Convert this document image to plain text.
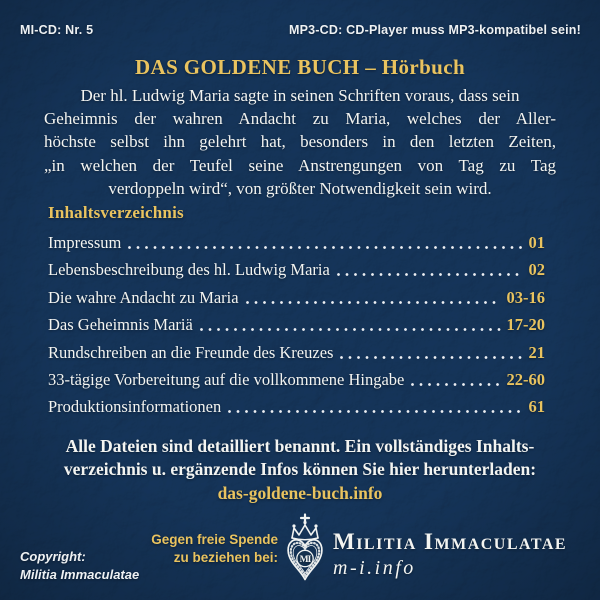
MI-CD: Nr. 5	MP3-CD: CD-Player muss MP3-kompatibel sein!
DAS GOLDENE BUCH – Hörbuch
Der hl. Ludwig Maria sagte in seinen Schriften voraus, dass sein
Geheimnis der wahren Andacht zu Maria, welches der Aller-
höchste selbst ihn gelehrt hat, besonders in den letzten Zeiten,
„in welchen der Teufel seine Anstrengungen von Tag zu Tag
verdoppeln wird“, von größter Notwendigkeit sein wird.
Inhaltsverzeichnis
Impressum	01
Lebensbeschreibung des hl. Ludwig Maria	02
Die wahre Andacht zu Maria	03-16
Das Geheimnis Mariä	17-20
Rundschreiben an die Freunde des Kreuzes	21
33-tägige Vorbereitung auf die vollkommene Hingabe	22-60
Produktionsinformationen	61
Alle Dateien sind detailliert benannt. Ein vollständiges Inhalts-
verzeichnis u. ergänzende Infos können Sie hier herunterladen:
das-goldene-buch.info
Copyright:
Militia Immaculatae
Gegen freie Spende
zu beziehen bei: MI
Militia Immaculatae
m-i.info
